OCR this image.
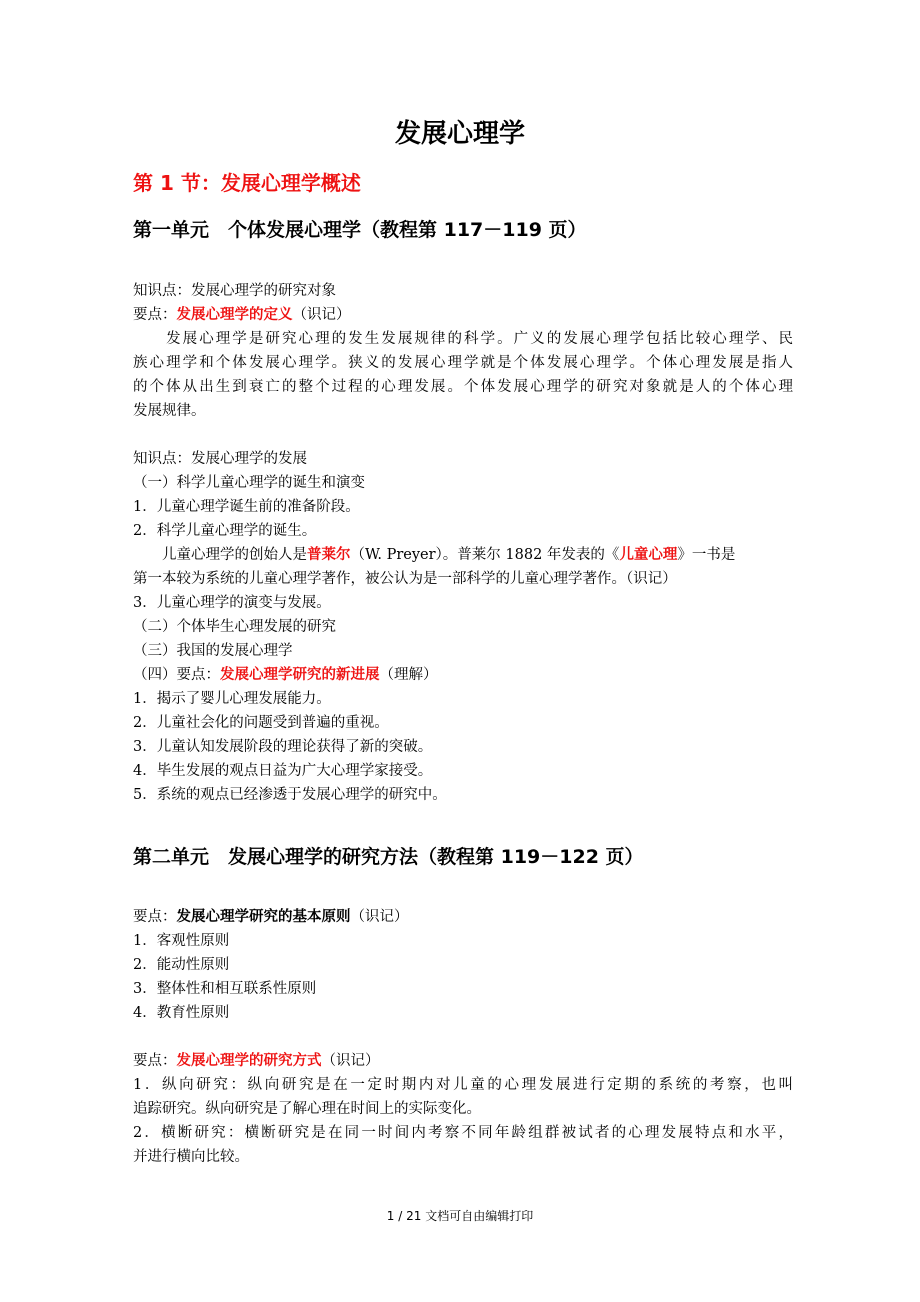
发展心理学
第 1 节：发展心理学概述
第一单元　个体发展心理学（教程第 117－119 页）
知识点：发展心理学的研究对象
要点：发展心理学的定义（识记）
　　发展心理学是研究心理的发生发展规律的科学。广义的发展心理学包括比较心理学、民
族心理学和个体发展心理学。狭义的发展心理学就是个体发展心理学。个体心理发展是指人
的个体从出生到衰亡的整个过程的心理发展。个体发展心理学的研究对象就是人的个体心理
发展规律。
知识点：发展心理学的发展
（一）科学儿童心理学的诞生和演变
1．儿童心理学诞生前的准备阶段。
2．科学儿童心理学的诞生。
　　儿童心理学的创始人是普莱尔（W. Preyer）。普莱尔 1882 年发表的《儿童心理》一书是
第一本较为系统的儿童心理学著作，被公认为是一部科学的儿童心理学著作。（识记）
3．儿童心理学的演变与发展。
（二）个体毕生心理发展的研究
（三）我国的发展心理学
（四）要点：发展心理学研究的新进展（理解）
1．揭示了婴儿心理发展能力。
2．儿童社会化的问题受到普遍的重视。
3．儿童认知发展阶段的理论获得了新的突破。
4．毕生发展的观点日益为广大心理学家接受。
5．系统的观点已经渗透于发展心理学的研究中。
第二单元　发展心理学的研究方法（教程第 119－122 页）
要点：发展心理学研究的基本原则（识记）
1．客观性原则
2．能动性原则
3．整体性和相互联系性原则
4．教育性原则
要点：发展心理学的研究方式（识记）
1．纵向研究：纵向研究是在一定时期内对儿童的心理发展进行定期的系统的考察，也叫
追踪研究。纵向研究是了解心理在时间上的实际变化。
2．横断研究：横断研究是在同一时间内考察不同年龄组群被试者的心理发展特点和水平，
并进行横向比较。
1 / 21 文档可自由编辑打印
